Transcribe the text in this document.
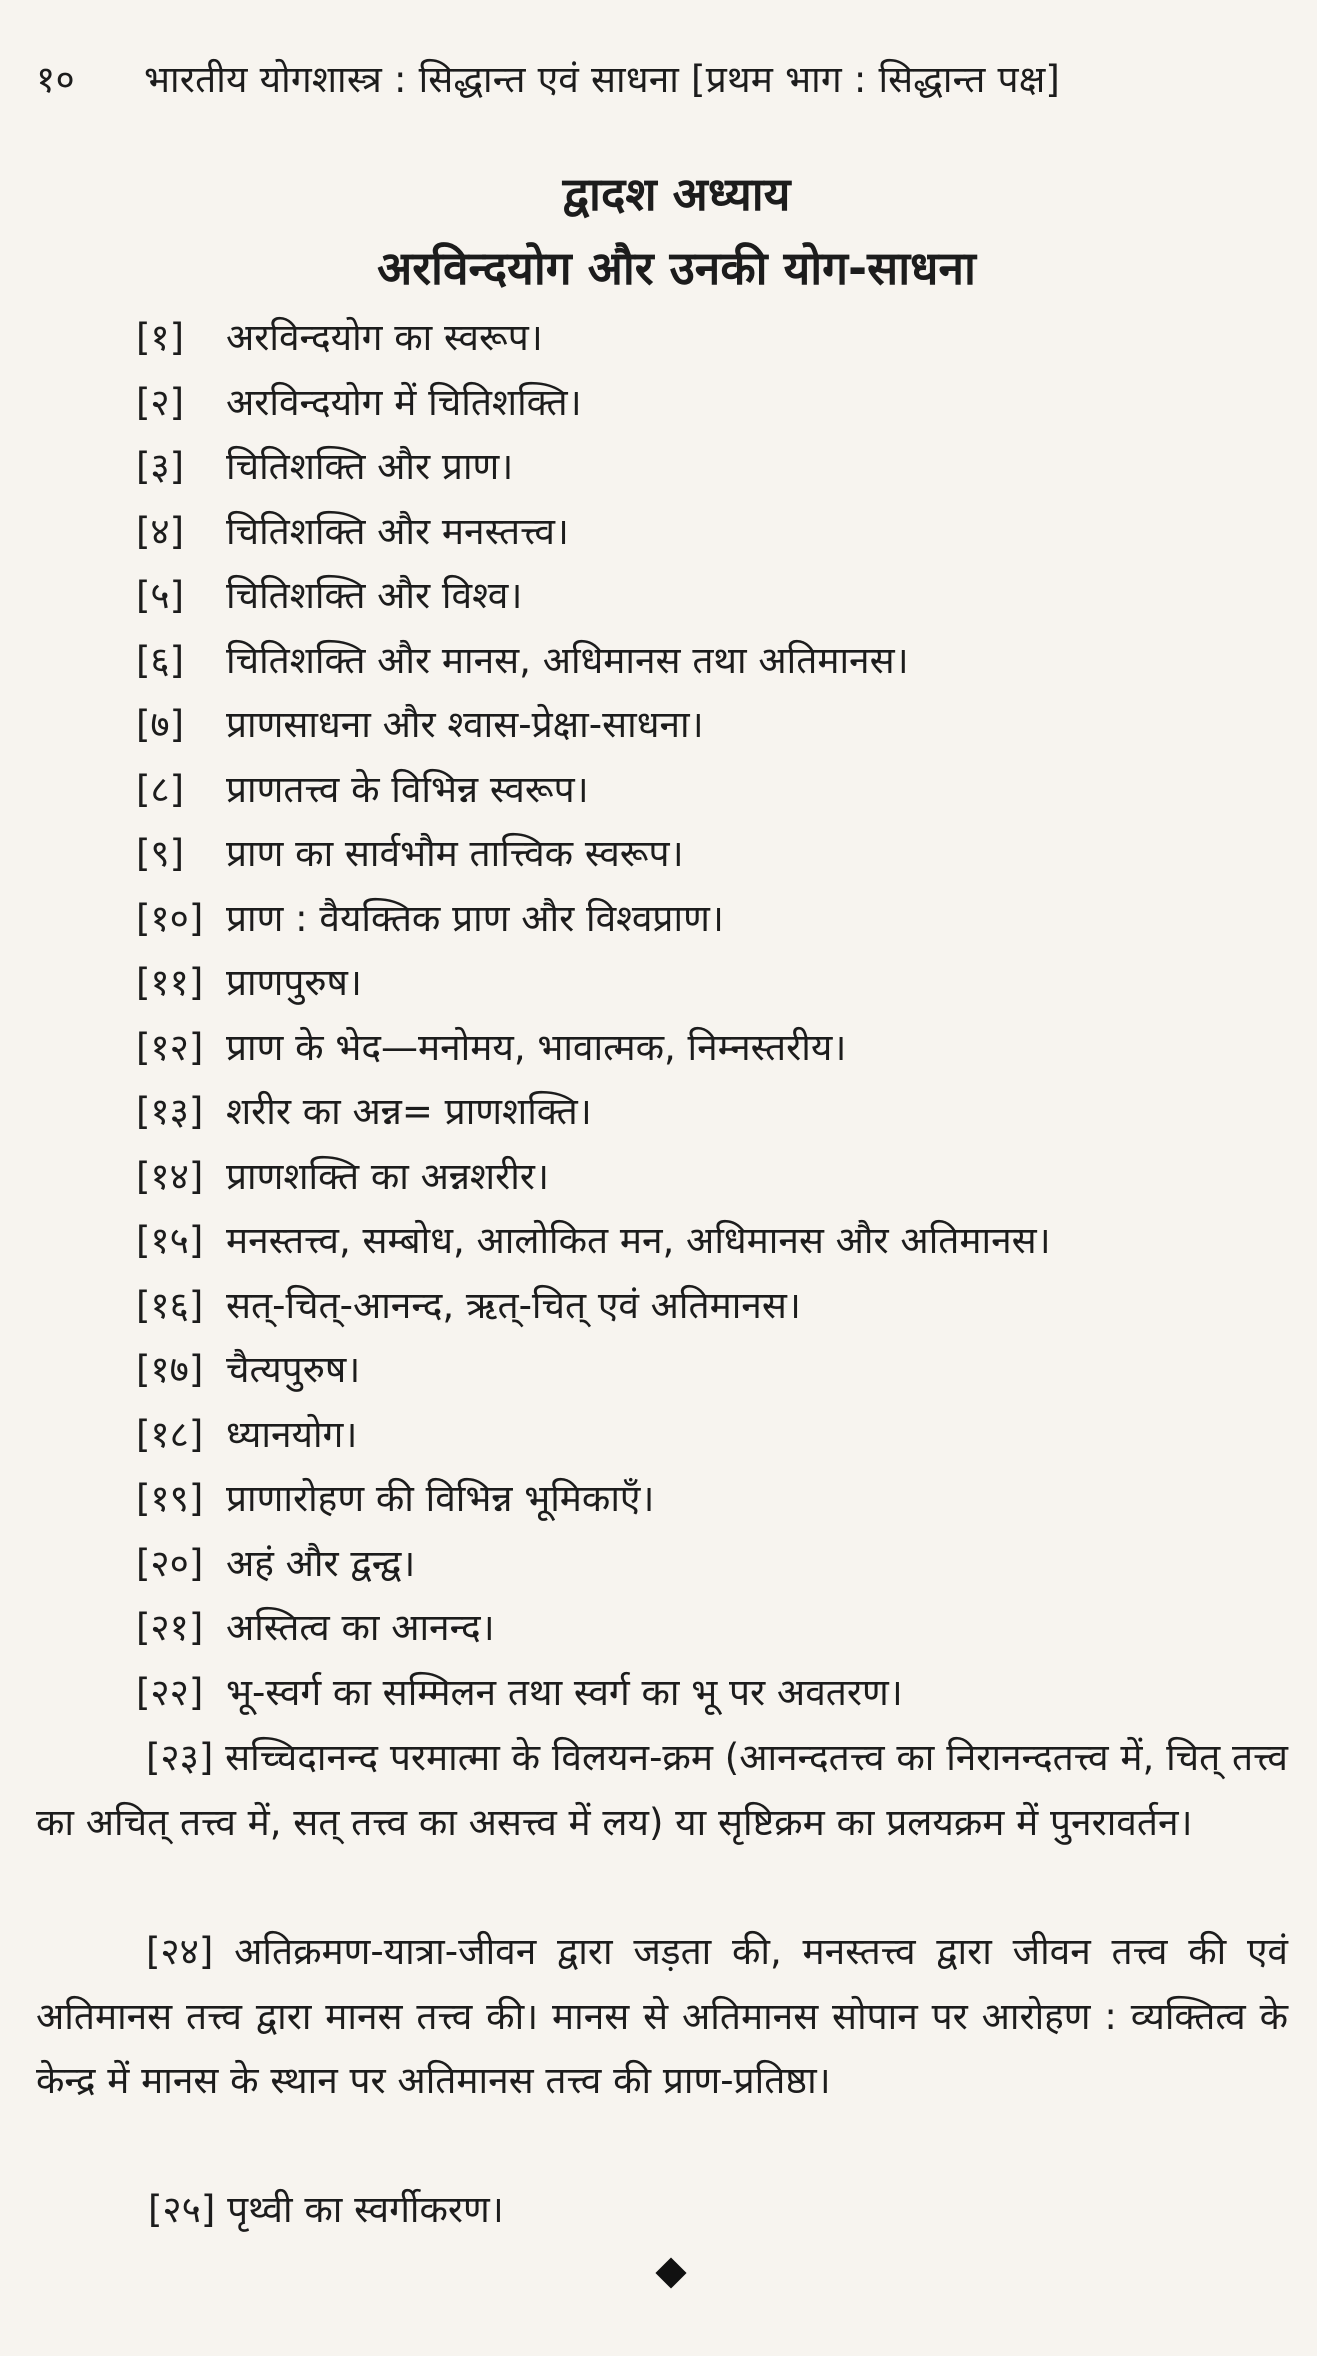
१० भारतीय योगशास्त्र : सिद्धान्त एवं साधना [प्रथम भाग : सिद्धान्त पक्ष]
द्वादश अध्याय
अरविन्दयोग और उनकी योग-साधना
[१] अरविन्दयोग का स्वरूप।
[२] अरविन्दयोग में चितिशक्ति।
[३] चितिशक्ति और प्राण।
[४] चितिशक्ति और मनस्तत्त्व।
[५] चितिशक्ति और विश्व।
[६] चितिशक्ति और मानस, अधिमानस तथा अतिमानस।
[७] प्राणसाधना और श्वास-प्रेक्षा-साधना।
[८] प्राणतत्त्व के विभिन्न स्वरूप।
[९] प्राण का सार्वभौम तात्त्विक स्वरूप।
[१०] प्राण : वैयक्तिक प्राण और विश्वप्राण।
[११] प्राणपुरुष।
[१२] प्राण के भेद—मनोमय, भावात्मक, निम्नस्तरीय।
[१३] शरीर का अन्न= प्राणशक्ति।
[१४] प्राणशक्ति का अन्नशरीर।
[१५] मनस्तत्त्व, सम्बोध, आलोकित मन, अधिमानस और अतिमानस।
[१६] सत्-चित्-आनन्द, ऋत्-चित् एवं अतिमानस।
[१७] चैत्यपुरुष।
[१८] ध्यानयोग।
[१९] प्राणारोहण की विभिन्न भूमिकाएँ।
[२०] अहं और द्वन्द्व।
[२१] अस्तित्व का आनन्द।
[२२] भू-स्वर्ग का सम्मिलन तथा स्वर्ग का भू पर अवतरण।
[२३] सच्चिदानन्द परमात्मा के विलयन-क्रम (आनन्दतत्त्व का निरानन्दतत्त्व में, चित् तत्त्व का अचित् तत्त्व में, सत् तत्त्व का असत्त्व में लय) या सृष्टिक्रम का प्रलयक्रम में पुनरावर्तन।
[२४] अतिक्रमण-यात्रा-जीवन द्वारा जड़ता की, मनस्तत्त्व द्वारा जीवन तत्त्व की एवं अतिमानस तत्त्व द्वारा मानस तत्त्व की। मानस से अतिमानस सोपान पर आरोहण : व्यक्तित्व के केन्द्र में मानस के स्थान पर अतिमानस तत्त्व की प्राण-प्रतिष्ठा।
[२५] पृथ्वी का स्वर्गीकरण।
